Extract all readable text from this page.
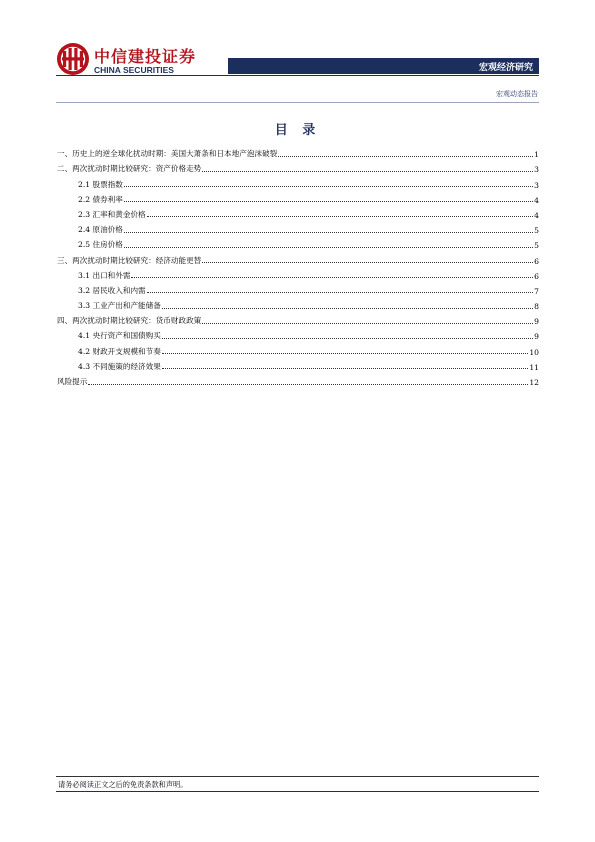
中信建投证券
CHINA SECURITIES	宏观经济研究
宏观动态报告
目 录
一、历史上的逆全球化扰动时期：美国大萧条和日本地产泡沫破裂	1
二、两次扰动时期比较研究：资产价格走势	3
2.1 股票指数	3
2.2 债券利率	4
2.3 汇率和黄金价格	4
2.4 原油价格	5
2.5 住房价格	5
三、两次扰动时期比较研究：经济动能更替	6
3.1 出口和外需	6
3.2 居民收入和内需	7
3.3 工业产出和产能储备	8
四、两次扰动时期比较研究：货币财政政策	9
4.1 央行资产和国债购买	9
4.2 财政开支规模和节奏	10
4.3 不同施策的经济效果	11
风险提示	12
请务必阅读正文之后的免责条款和声明。
